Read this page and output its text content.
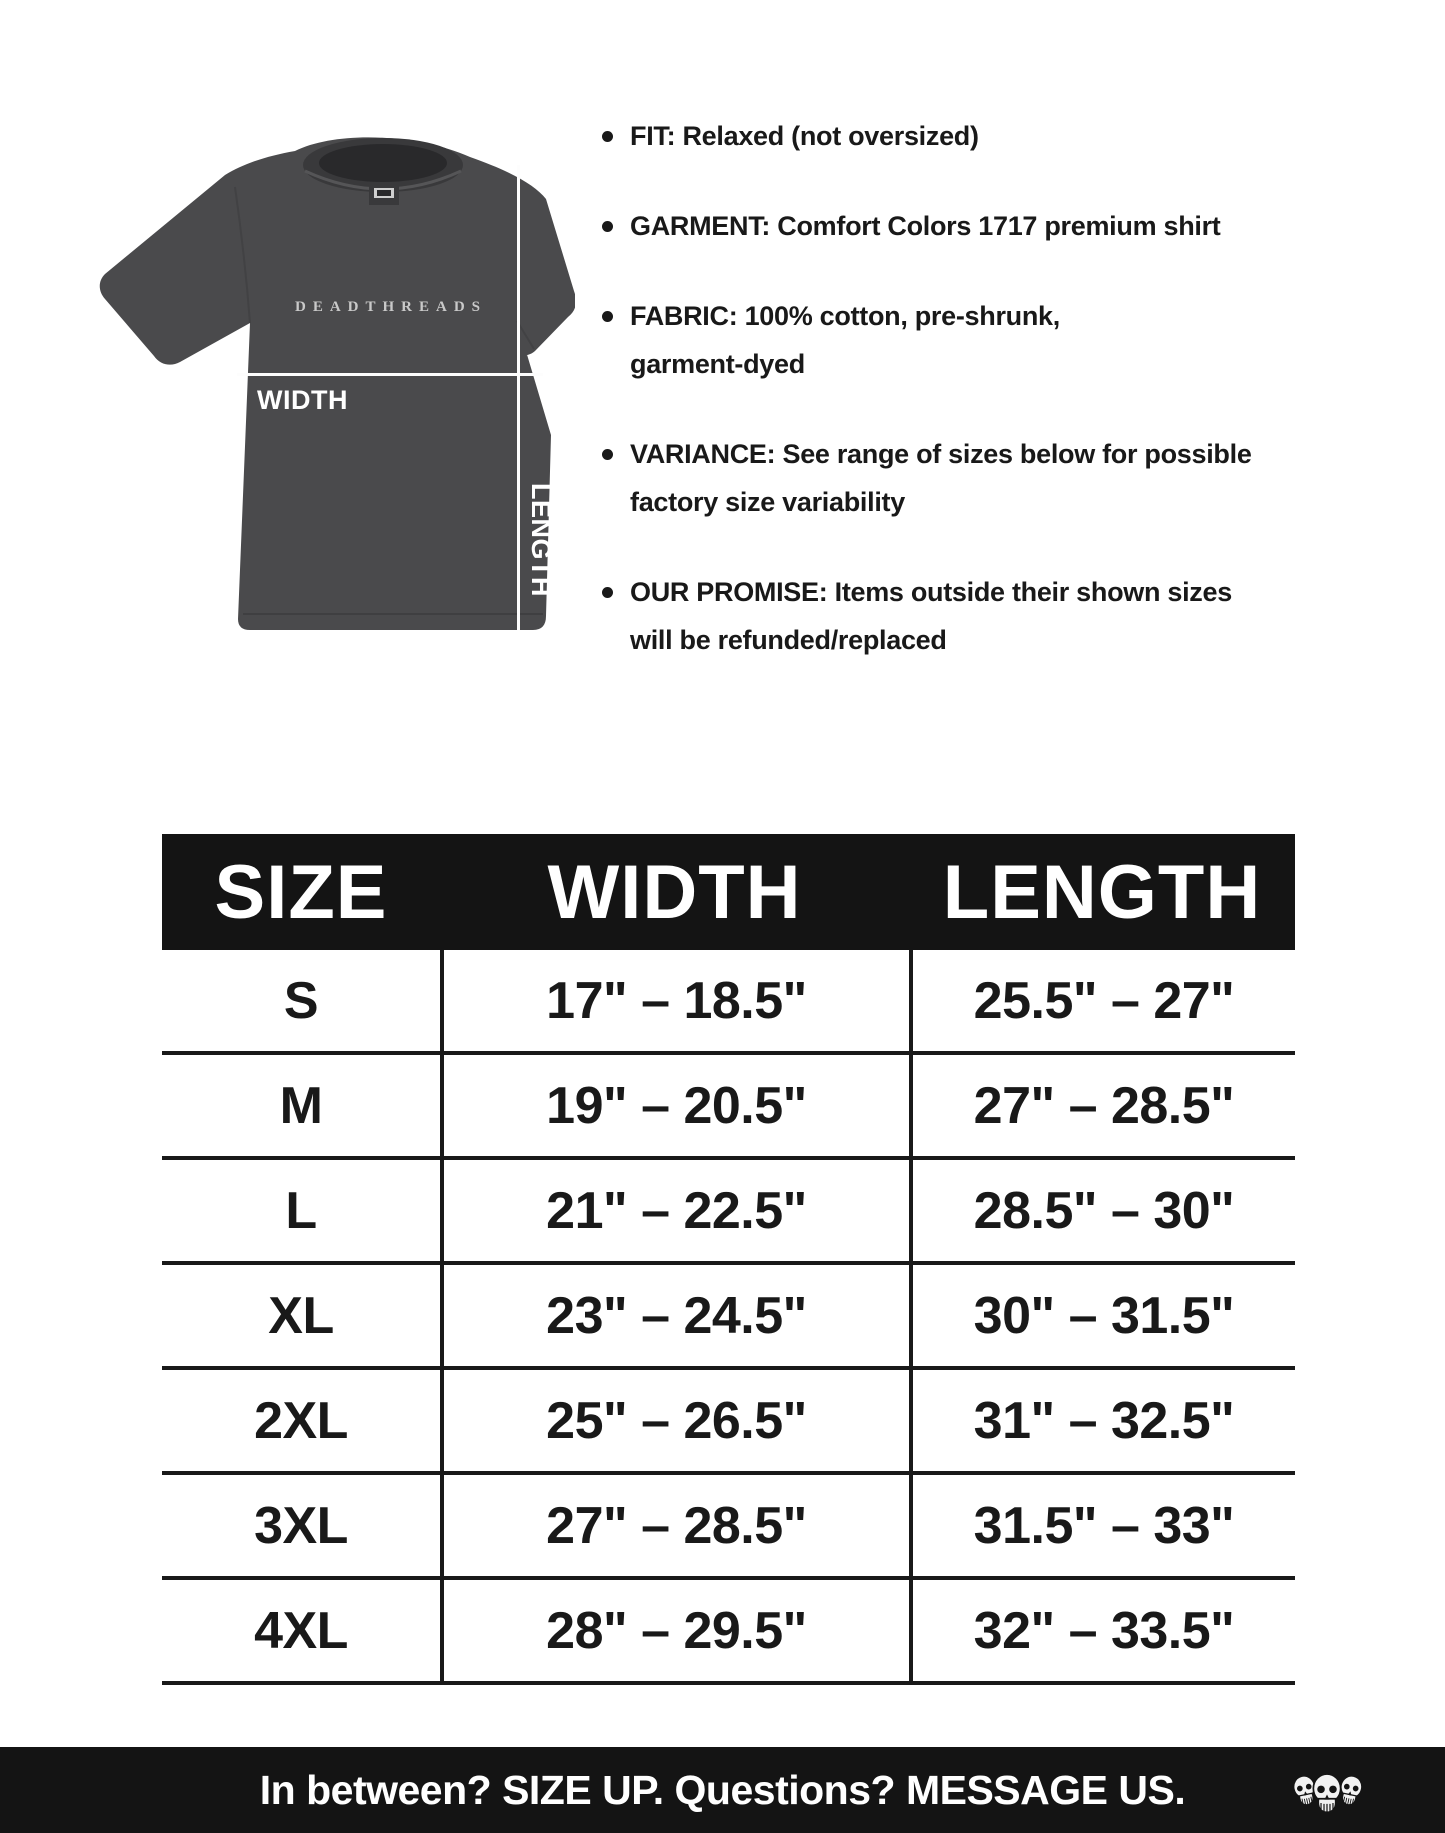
DEADTHREADS
WIDTH
LENGTH
FIT: Relaxed (not oversized)
GARMENT: Comfort Colors 1717 premium shirt
FABRIC: 100% cotton, pre-shrunk,
garment-dyed
VARIANCE: See range of sizes below for possible
factory size variability
OUR PROMISE: Items outside their shown sizes
will be refunded/replaced
SIZE	WIDTH	LENGTH
S	17" – 18.5"	25.5" – 27"
M	19" – 20.5"	27" – 28.5"
L	21" – 22.5"	28.5" – 30"
XL	23" – 24.5"	30" – 31.5"
2XL	25" – 26.5"	31" – 32.5"
3XL	27" – 28.5"	31.5" – 33"
4XL	28" – 29.5"	32" – 33.5"
In between? SIZE UP. Questions? MESSAGE US.
